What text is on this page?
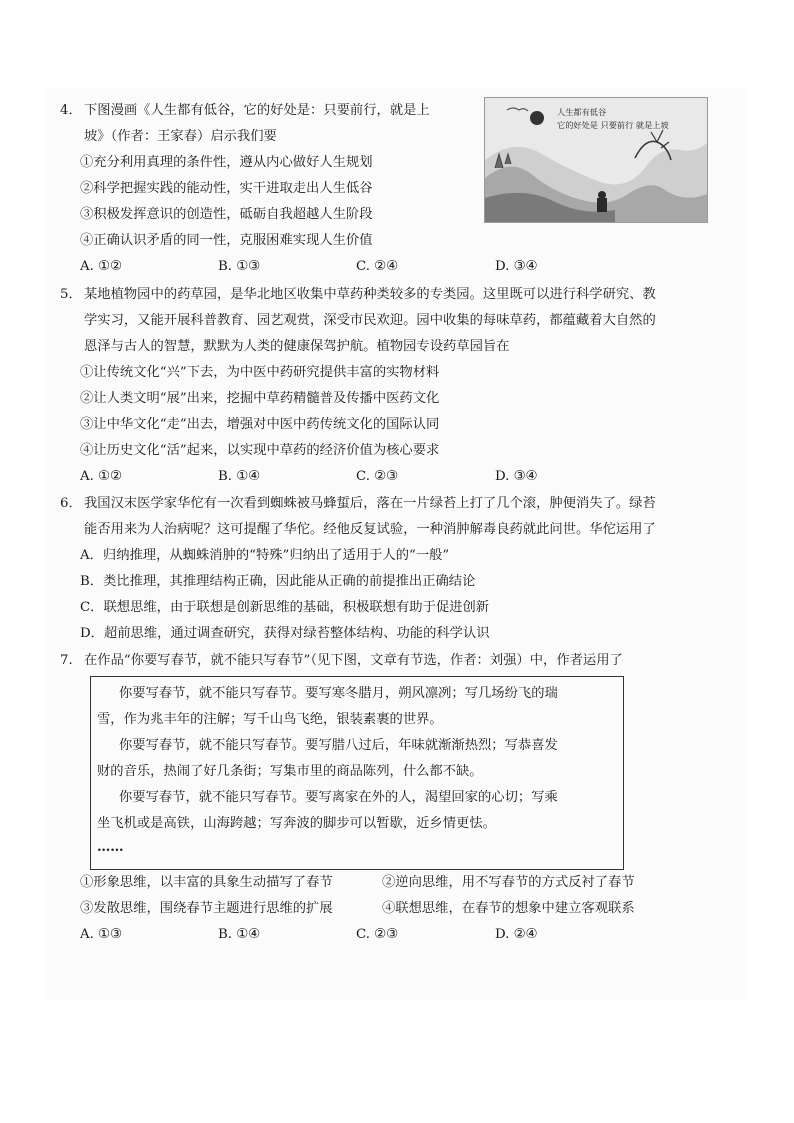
4． 下图漫画《人生都有低谷，它的好处是：只要前行，就是上
坡》（作者：王家春）启示我们要
①充分利用真理的条件性，遵从内心做好人生规划
②科学把握实践的能动性，实干进取走出人生低谷
③积极发挥意识的创造性，砥砺自我超越人生阶段
④正确认识矛盾的同一性，克服困难实现人生价值
A. ①②	B. ①③	C. ②④	D. ③④
人生都有低谷
它的好处是 只要前行 就是上坡
5． 某地植物园中的药草园，是华北地区收集中草药种类较多的专类园。这里既可以进行科学研究、教
学实习，又能开展科普教育、园艺观赏，深受市民欢迎。园中收集的每味草药，都蕴藏着大自然的
恩泽与古人的智慧，默默为人类的健康保驾护航。植物园专设药草园旨在
①让传统文化“兴”下去，为中医中药研究提供丰富的实物材料
②让人类文明“展”出来，挖掘中草药精髓普及传播中医药文化
③让中华文化“走”出去，增强对中医中药传统文化的国际认同
④让历史文化“活”起来，以实现中草药的经济价值为核心要求
A. ①②	B. ①④	C. ②③	D. ③④
6． 我国汉末医学家华佗有一次看到蜘蛛被马蜂蜇后，落在一片绿苔上打了几个滚，肿便消失了。绿苔
能否用来为人治病呢？这可提醒了华佗。经他反复试验，一种消肿解毒良药就此问世。华佗运用了
A．归纳推理，从蜘蛛消肿的“特殊”归纳出了适用于人的“一般”
B．类比推理，其推理结构正确，因此能从正确的前提推出正确结论
C．联想思维，由于联想是创新思维的基础，积极联想有助于促进创新
D．超前思维，通过调查研究，获得对绿苔整体结构、功能的科学认识
7. 在作品“你要写春节，就不能只写春节”（见下图，文章有节选，作者：刘强）中，作者运用了
你要写春节，就不能只写春节。要写寒冬腊月，朔风凛冽；写几场纷飞的瑞
雪，作为兆丰年的注解；写千山鸟飞绝，银装素裹的世界。
你要写春节，就不能只写春节。要写腊八过后，年味就渐渐热烈；写恭喜发
财的音乐，热闹了好几条街；写集市里的商品陈列，什么都不缺。
你要写春节，就不能只写春节。要写离家在外的人，渴望回家的心切；写乘
坐飞机或是高铁，山海跨越；写奔波的脚步可以暂歇，近乡情更怯。
……
①形象思维，以丰富的具象生动描写了春节	②逆向思维，用不写春节的方式反衬了春节
③发散思维，围绕春节主题进行思维的扩展	④联想思维，在春节的想象中建立客观联系
A. ①③	B. ①④	C. ②③	D. ②④
